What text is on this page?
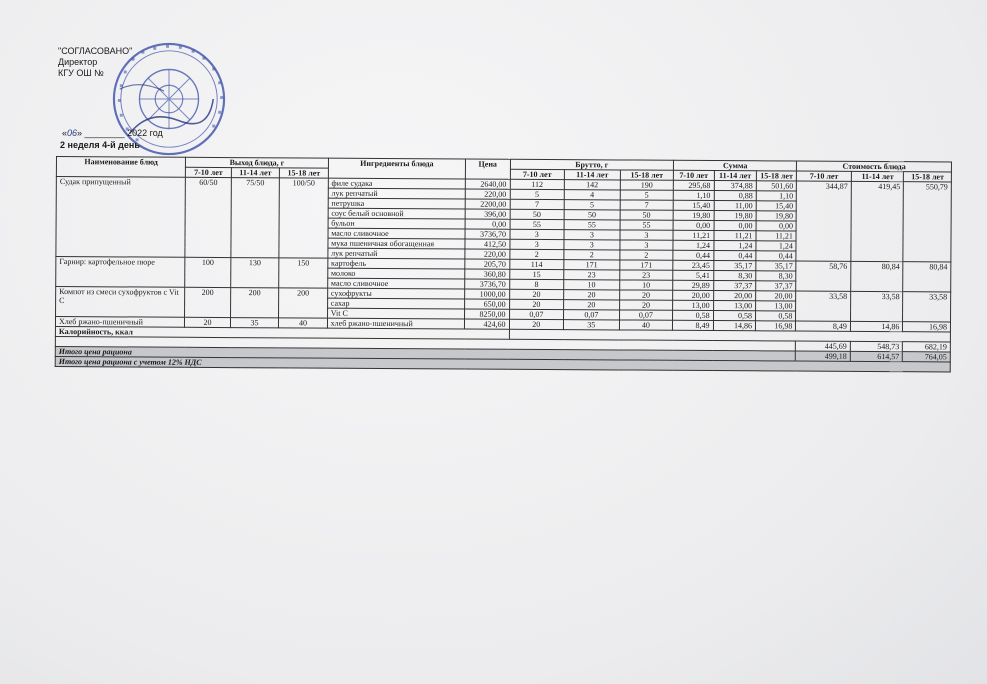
"СОГЛАСОВАНО"
Директор
КГУ ОШ №
«06» ________ 2022 год
2 неделя 4-й день
Наименование блюд	Выход блюда, г			Ингредиенты блюда	Цена	Брутто, г			Сумма			Стоимость блюда		
	7-10 лет	11-14 лет	15-18 лет			7-10 лет	11-14 лет	15-18 лет	7-10 лет	11-14 лет	15-18 лет	7-10 лет	11-14 лет	15-18 лет
Судак припущенный	60/50	75/50	100/50	филе судака	2640,00	112	142	190	295,68	374,88	501,60	344,87	419,45	550,79
				лук репчатый	220,00	5	4	5	1,10	0,88	1,10			
				петрушка	2200,00	7	5	7	15,40	11,00	15,40			
				соус белый основной	396,00	50	50	50	19,80	19,80	19,80			
				бульон	0,00	55	55	55	0,00	0,00	0,00			
				масло сливочное	3736,70	3	3	3	11,21	11,21	11,21			
				мука пшеничная обогащенная	412,50	3	3	3	1,24	1,24	1,24			
				лук репчатый	220,00	2	2	2	0,44	0,44	0,44			
Гарнир: картофельное пюре	100	130	150	картофель	205,70	114	171	171	23,45	35,17	35,17	58,76	80,84	80,84
				молоко	360,80	15	23	23	5,41	8,30	8,30			
				масло сливочное	3736,70	8	10	10	29,89	37,37	37,37			
Компот из смеси сухофруктов с Vit C	200	200	200	сухофрукты	1000,00	20	20	20	20,00	20,00	20,00	33,58	33,58	33,58
				сахар	650,00	20	20	20	13,00	13,00	13,00			
				Vit C	8250,00	0,07	0,07	0,07	0,58	0,58	0,58			
Хлеб ржано-пшеничный	20	35	40	хлеб ржано-пшеничный	424,60	20	35	40	8,49	14,86	16,98	8,49	14,86	16,98
Калорийность, ккал														
												445,69	548,73	682,19
Итого цена рациона												499,18	614,57	764,05
Итого цена рациона с учетом 12% НДС														
